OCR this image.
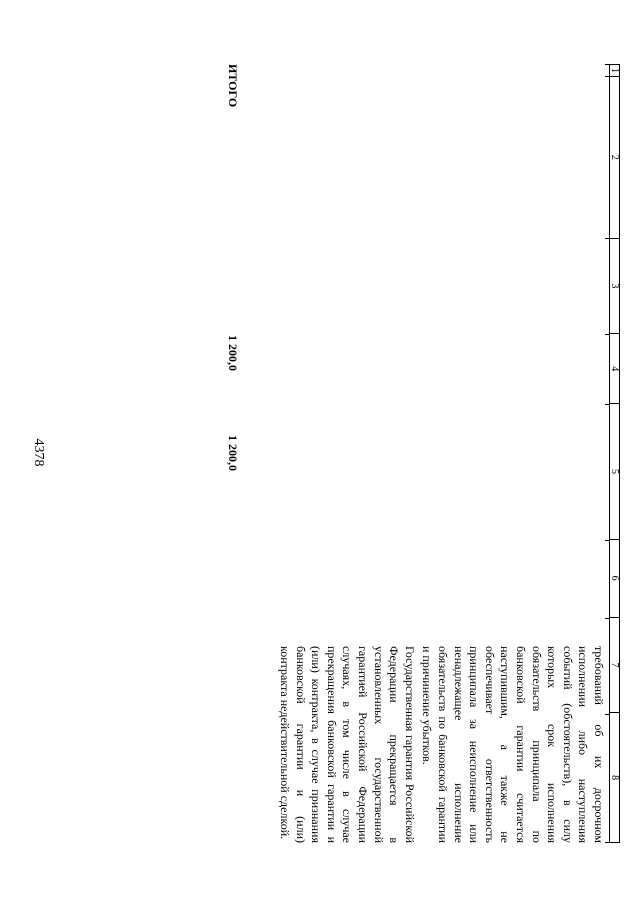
4378
1
2
3
4
5
6
7
8

требований об их досрочном исполнении либо наступления событий (обстоятельств), в силу которых срок исполнения обязательств принципала по банковской гарантии считается наступившим, а также не обеспечивает ответственность принципала за неисполнение или ненадлежащее исполнение обязательств по банковской гарантии и причинение убытков.

Государственная гарантия Российской Федерации прекращается в установленных государственной гарантией Российской Федерации случаях, в том числе в случае прекращения банковской гарантии и (или) контракта, в случае признания банковской гарантии и (или) контракта недействительной сделкой.

ИТОГО
1 200,0
1 200,0
